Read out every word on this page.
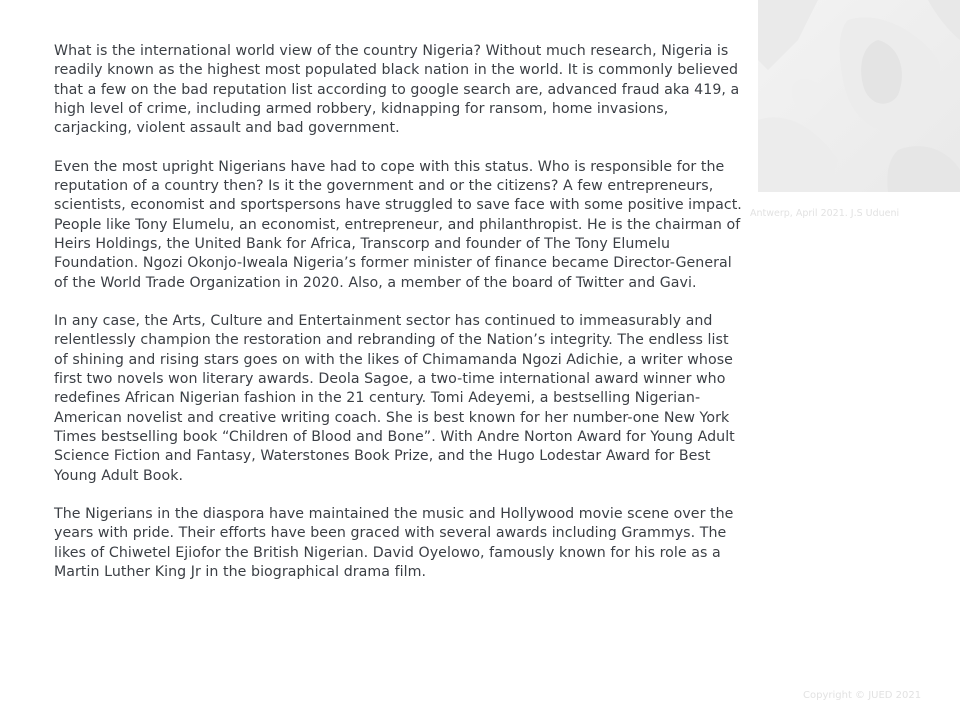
What is the international world view of the country Nigeria? Without much research, Nigeria is readily known as the highest most populated black nation in the world. It is commonly believed that a few on the bad reputation list according to google search are, advanced fraud aka 419, a high level of crime, including armed robbery, kidnapping for ransom, home invasions, carjacking, violent assault and bad government.

Even the most upright Nigerians have had to cope with this status. Who is responsible for the reputation of a country then? Is it the government and or the citizens? A few entrepreneurs, scientists, economist and sportspersons have struggled to save face with some positive impact.

People like Tony Elumelu, an economist, entrepreneur, and philanthropist. He is the chairman of Heirs Holdings, the United Bank for Africa, Transcorp and founder of The Tony Elumelu Foundation. Ngozi Okonjo-Iweala Nigeria’s former minister of finance became Director-General of the World Trade Organization in 2020. Also, a member of the board of Twitter and Gavi.

In any case, the Arts, Culture and Entertainment sector has continued to immeasurably and relentlessly champion the restoration and rebranding of the Nation’s integrity. The endless list of shining and rising stars goes on with the likes of Chimamanda Ngozi Adichie, a writer whose first two novels won literary awards. Deola Sagoe, a two-time international award winner who redefines African Nigerian fashion in the 21 century. Tomi Adeyemi, a bestselling Nigerian-American novelist and creative writing coach. She is best known for her number-one New York Times bestselling book “Children of Blood and Bone”. With Andre Norton Award for Young Adult Science Fiction and Fantasy, Waterstones Book Prize, and the Hugo Lodestar Award for Best Young Adult Book.

The Nigerians in the diaspora have maintained the music and Hollywood movie scene over the years with pride. Their efforts have been graced with several awards including Grammys. The likes of Chiwetel Ejiofor the British Nigerian. David Oyelowo, famously known for his role as a Martin Luther King Jr in the biographical drama film.

Antwerp, April 2021. J.S Udueni
Copyright © JUED 2021
